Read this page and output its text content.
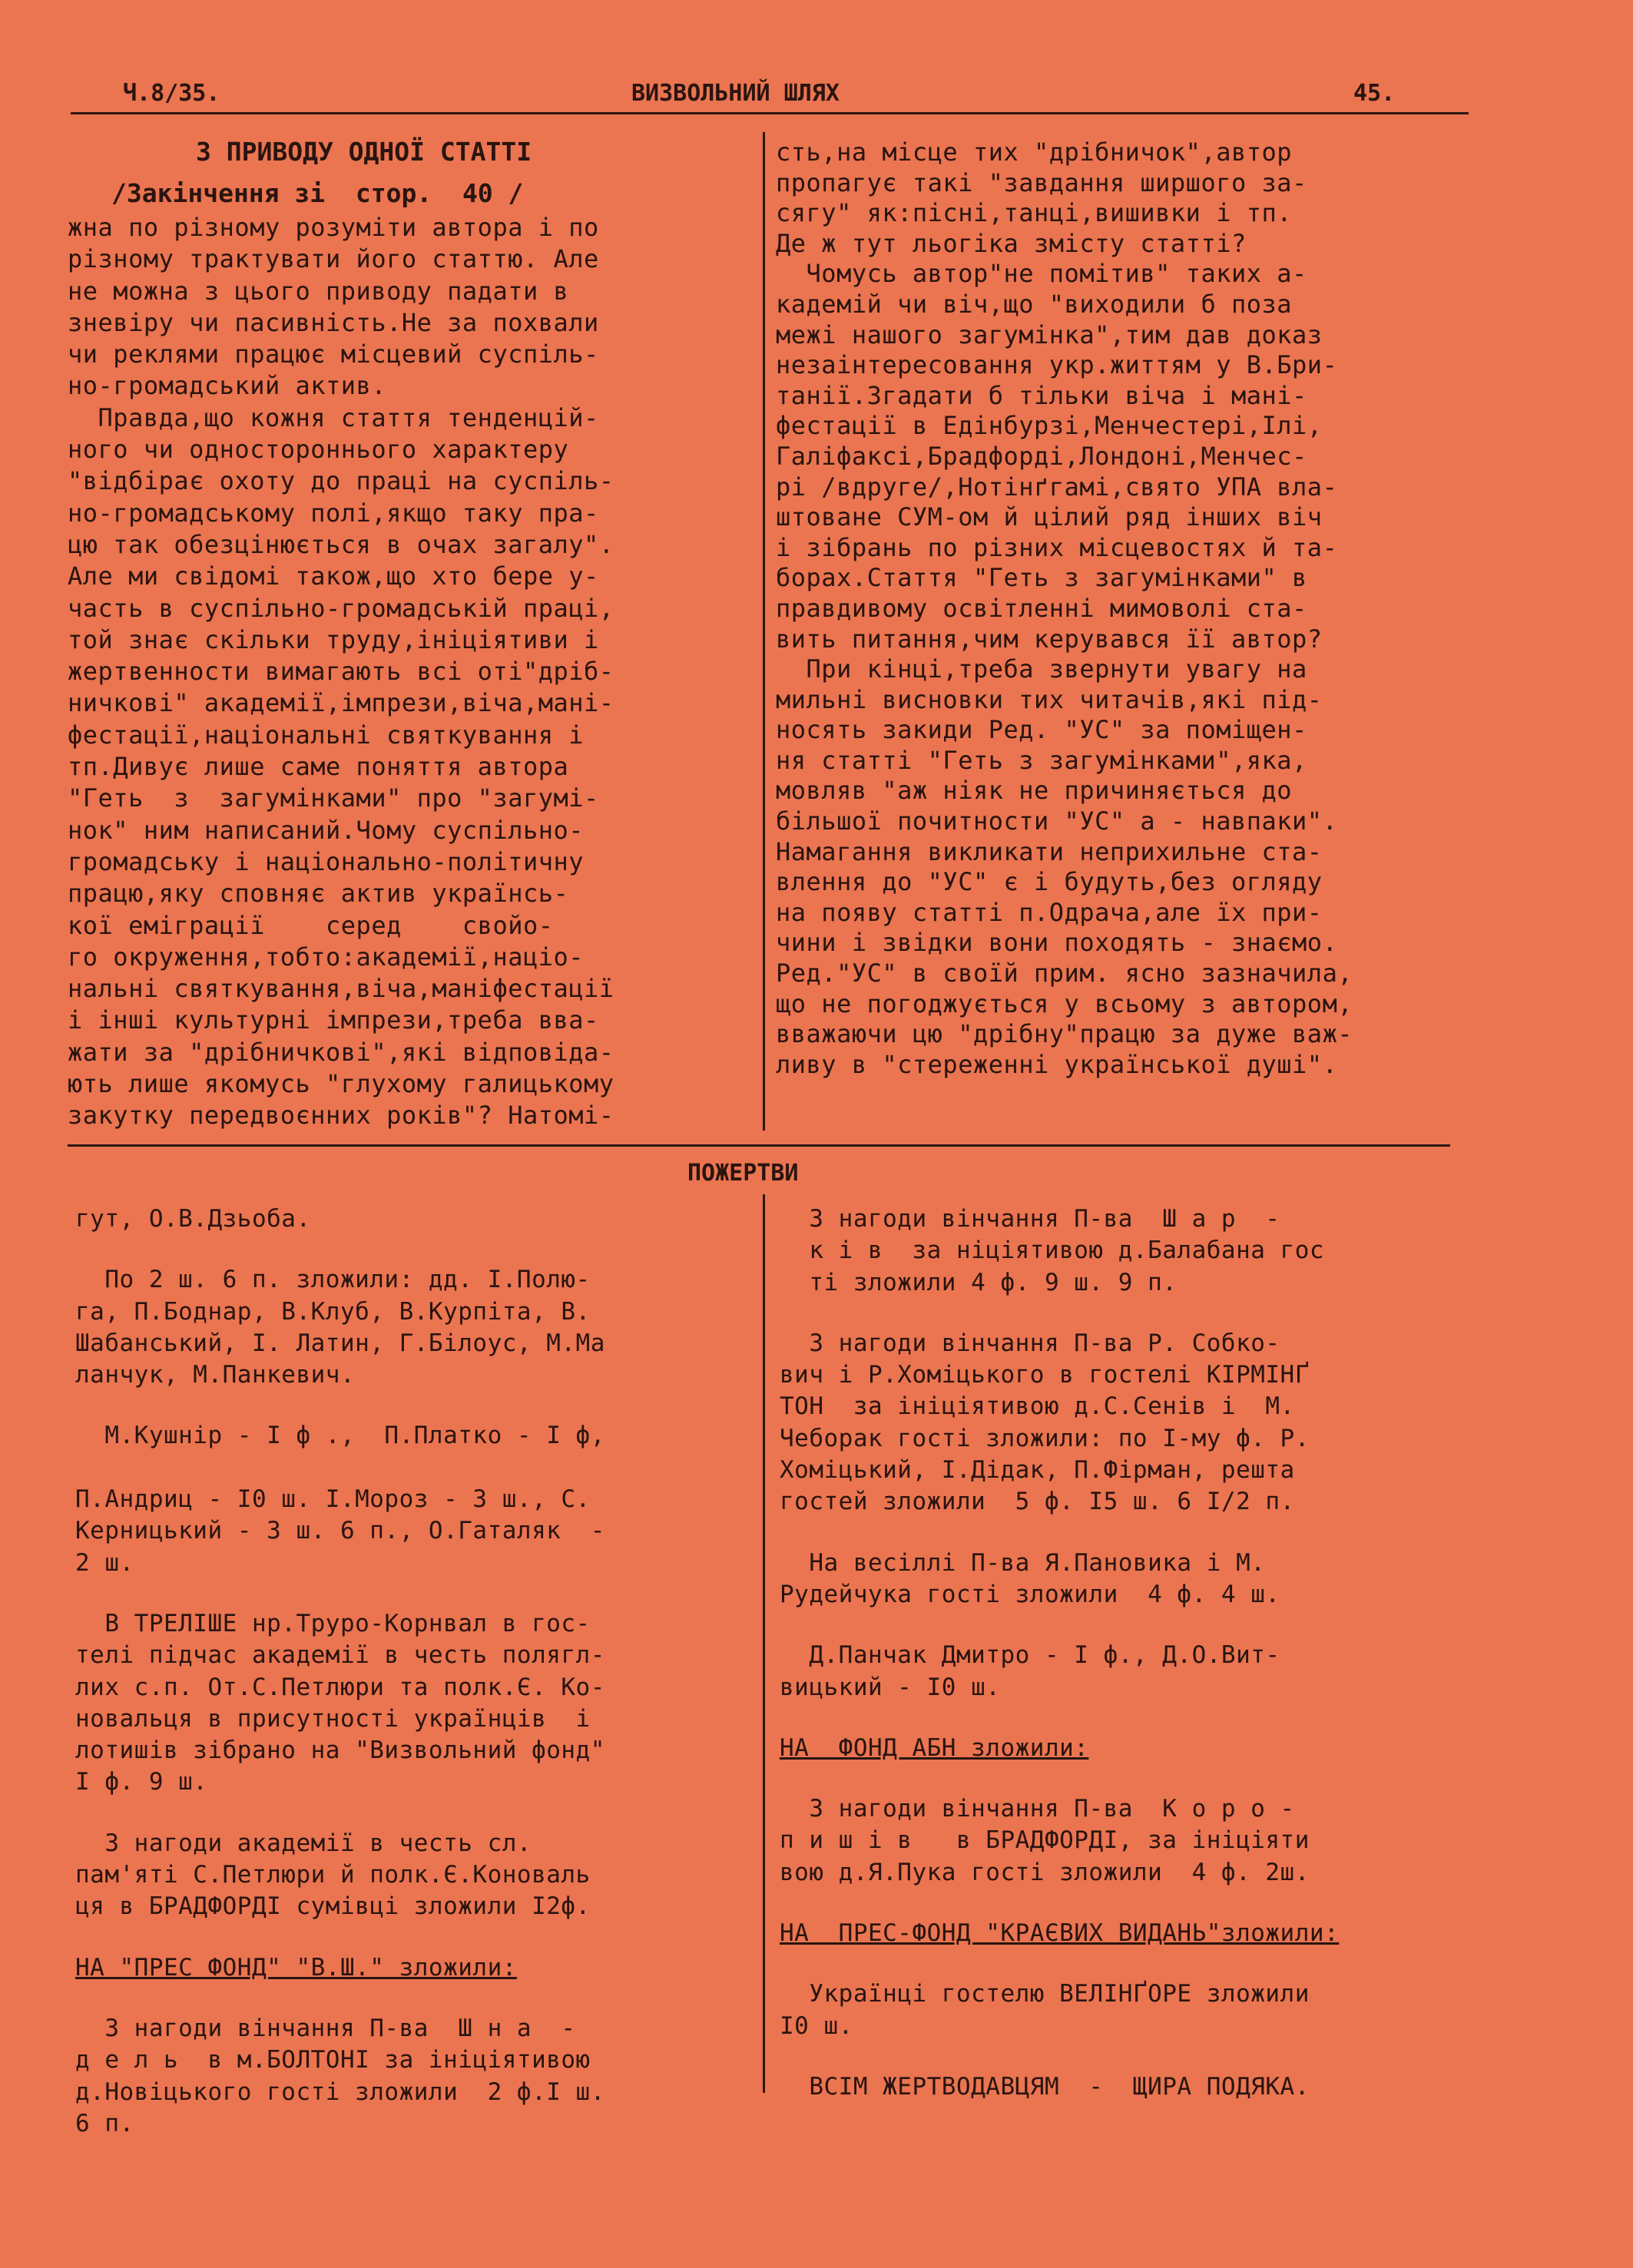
Ч.8/35.	ВИЗВОЛЬНИЙ ШЛЯХ	45.
З ПРИВОДУ ОДНОЇ СТАТТІ
/Закінчення зі  стор.  40 /
жна по різному розуміти автора і по
різному трактувати його статтю. Але
не можна з цього приводу падати в
зневіру чи пасивність.Не за похвали
чи реклями працює місцевий суспіль-
но-громадський актив.
Правда,що кожня стаття тенденцій-
ного чи одностороннього характеру
"відбірає охоту до праці на суспіль-
но-громадському полі,якщо таку пра-
цю так обезцінюється в очах загалу".
Але ми свідомі також,що хто бере у-
часть в суспільно-громадській праці,
той знає скільки труду,ініціятиви і
жертвенности вимагають всі оті"дріб-
ничкові" академії,імпрези,віча,мані-
фестації,національні святкування і
тп.Дивує лише саме поняття автора
"Геть  з  загумінками" про "загумі-
нок" ним написаний.Чому суспільно-
громадську і національно-політичну
працю,яку сповняє актив українсь-
кої еміграції    серед    свойо-
го окруження,тобто:академії,націо-
нальні святкування,віча,маніфестації
і інші культурні імпрези,треба вва-
жати за "дрібничкові",які відповіда-
ють лише якомусь "глухому галицькому
закутку передвоєнних років"? Натомі-
сть,на місце тих "дрібничок",автор
пропагує такі "завдання ширшого за-
сягу" як:пісні,танці,вишивки і тп.
Де ж тут льогіка змісту статті?
Чомусь автор"не помітив" таких а-
кадемій чи віч,що "виходили б поза
межі нашого загумінка",тим дав доказ
незаінтересовання укр.життям у В.Бри-
танії.Згадати б тільки віча і мані-
фестації в Едінбурзі,Менчестері,Ілі,
Галіфаксі,Брадфорді,Лондоні,Менчес-
рі /вдруге/,Нотінґгамі,свято УПА вла-
штоване СУМ-ом й цілий ряд інших віч
і зібрань по різних місцевостях й та-
борах.Стаття "Геть з загумінками" в
правдивому освітленні мимоволі ста-
вить питання,чим керувався її автор?
При кінці,треба звернути увагу на
мильні висновки тих читачів,які під-
носять закиди Ред. "УС" за поміщен-
ня статті "Геть з загумінками",яка,
мовляв "аж ніяк не причиняється до
більшої почитности "УС" а - навпаки".
Намагання викликати неприхильне ста-
влення до "УС" є і будуть,без огляду
на появу статті п.Одрача,але їх при-
чини і звідки вони походять - знаємо.
Ред."УС" в своїй прим. ясно зазначила,
що не погоджується у всьому з автором,
вважаючи цю "дрібну"працю за дуже важ-
ливу в "стереженні української душі".
ПОЖЕРТВИ
гут, О.В.Дзьоба.
По 2 ш. 6 п. зложили: дд. І.Полю-
га, П.Боднар, В.Клуб, В.Курпіта, В.
Шабанський, І. Латин, Г.Білоус, М.Ма
ланчук, М.Панкевич.
М.Кушнір - І ф .,  П.Платко - І ф,
П.Андриц - І0 ш. І.Мороз - 3 ш., С.
Керницький - 3 ш. 6 п., О.Гаталяк  -
2 ш.
В ТРЕЛІШЕ нр.Труро-Корнвал в гос-
телі підчас академії в честь полягл-
лих с.п. От.С.Петлюри та полк.Є. Ко-
новальця в присутності українців  і
лотишів зібрано на "Визвольний фонд"
І ф. 9 ш.
З нагоди академії в честь сл.
пам'яті С.Петлюри й полк.Є.Коноваль
ця в БРАДФОРДІ сумівці зложили І2ф.
НА "ПРЕС ФОНД" "В.Ш." зложили:
З нагоди вінчання П-ва  Ш н а  -
д е л ь  в м.БОЛТОНІ за ініціятивою
д.Новіцького гості зложили  2 ф.І ш.
6 п.
З нагоди вінчання П-ва  Ш а р  -
к і в  за ніціятивою д.Балабана гос
ті зложили 4 ф. 9 ш. 9 п.
З нагоди вінчання П-ва Р. Собко-
вич і Р.Хоміцького в гостелі КІРМІНҐ
ТОН  за ініціятивою д.С.Сенів і  М.
Чеборак гості зложили: по І-му ф. Р.
Хоміцький, І.Дідак, П.Фірман, решта
гостей зложили  5 ф. І5 ш. 6 І/2 п.
На весіллі П-ва Я.Пановика і М.
Рудейчука гості зложили  4 ф. 4 ш.
Д.Панчак Дмитро - І ф., Д.О.Вит-
вицький - І0 ш.
НА  ФОНД АБН зложили:
З нагоди вінчання П-ва  К о р о -
п и ш і в   в БРАДФОРДІ, за ініціяти
вою д.Я.Пука гості зложили  4 ф. 2ш.
НА  ПРЕС-ФОНД "КРАЄВИХ ВИДАНЬ"зложили:
Українці гостелю ВЕЛІНҐОРЕ зложили
І0 ш.
ВСІМ ЖЕРТВОДАВЦЯМ  -  ЩИРА ПОДЯКА.
